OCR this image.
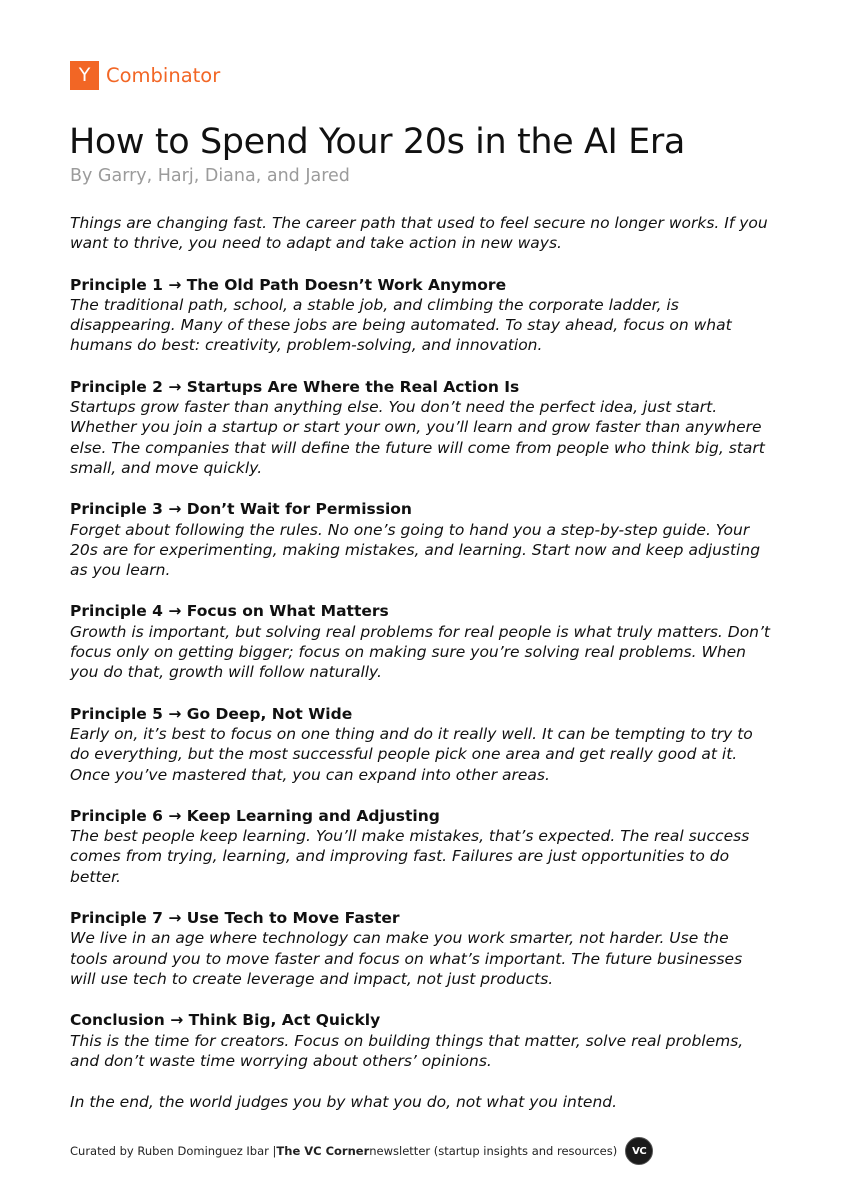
Y Combinator
How to Spend Your 20s in the AI Era
By Garry, Harj, Diana, and Jared

Things are changing fast. The career path that used to feel secure no longer works. If you want to thrive, you need to adapt and take action in new ways.

Principle 1 → The Old Path Doesn’t Work Anymore

The traditional path, school, a stable job, and climbing the corporate ladder, is disappearing. Many of these jobs are being automated. To stay ahead, focus on what humans do best: creativity, problem-solving, and innovation.

Principle 2 → Startups Are Where the Real Action Is

Startups grow faster than anything else. You don’t need the perfect idea, just start. Whether you join a startup or start your own, you’ll learn and grow faster than anywhere else. The companies that will define the future will come from people who think big, start small, and move quickly.

Principle 3 → Don’t Wait for Permission

Forget about following the rules. No one’s going to hand you a step-by-step guide. Your 20s are for experimenting, making mistakes, and learning. Start now and keep adjusting as you learn.

Principle 4 → Focus on What Matters

Growth is important, but solving real problems for real people is what truly matters. Don’t focus only on getting bigger; focus on making sure you’re solving real problems. When you do that, growth will follow naturally.

Principle 5 → Go Deep, Not Wide

Early on, it’s best to focus on one thing and do it really well. It can be tempting to try to do everything, but the most successful people pick one area and get really good at it. Once you’ve mastered that, you can expand into other areas.

Principle 6 → Keep Learning and Adjusting

The best people keep learning. You’ll make mistakes, that’s expected. The real success comes from trying, learning, and improving fast. Failures are just opportunities to do better.

Principle 7 → Use Tech to Move Faster

We live in an age where technology can make you work smarter, not harder. Use the tools around you to move faster and focus on what’s important. The future businesses will use tech to create leverage and impact, not just products.

Conclusion → Think Big, Act Quickly

This is the time for creators. Focus on building things that matter, solve real problems, and don’t waste time worrying about others’ opinions.

In the end, the world judges you by what you do, not what you intend.

Curated by Ruben Dominguez Ibar | The VC Corner newsletter (startup insights and resources)	VC
